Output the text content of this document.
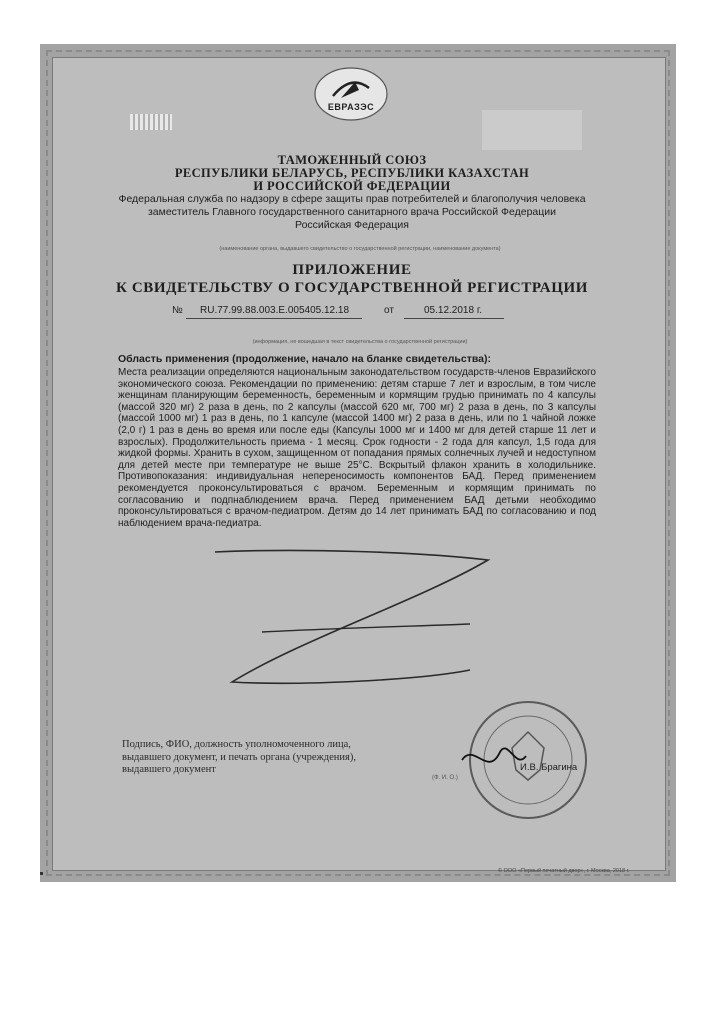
ЕВРАЗЭС
ТАМОЖЕННЫЙ СОЮЗ
РЕСПУБЛИКИ БЕЛАРУСЬ, РЕСПУБЛИКИ КАЗАХСТАН
И РОССИЙСКОЙ ФЕДЕРАЦИИ
Федеральная служба по надзору в сфере защиты прав потребителей и благополучия человека
заместитель Главного государственного санитарного врача Российской Федерации
Российская Федерация
(наименование органа, выдавшего свидетельство о государственной регистрации, наименование документа)
ПРИЛОЖЕНИЕ
К СВИДЕТЕЛЬСТВУ О ГОСУДАРСТВЕННОЙ РЕГИСТРАЦИИ
№ RU.77.99.88.003.Е.005405.12.18	от	05.12.2018 г.
(информация, не вошедшая в текст свидетельства о государственной регистрации)
Область применения (продолжение, начало на бланке свидетельства):
Места реализации определяются национальным законодательством государств-членов Евразийского экономического союза. Рекомендации по применению: детям старше 7 лет и взрослым, в том числе женщинам планирующим беременность, беременным и кормящим грудью принимать по 4 капсулы (массой 320 мг) 2 раза в день, по 2 капсулы (массой 620 мг, 700 мг) 2 раза в день, по 3 капсулы (массой 1000 мг) 1 раз в день, по 1 капсуле (массой 1400 мг) 2 раза в день, или по 1 чайной ложке (2,0 г) 1 раз в день во время или после еды (Капсулы 1000 мг и 1400 мг для детей старше 11 лет и взрослых). Продолжительность приема - 1 месяц. Срок годности - 2 года для капсул, 1,5 года для жидкой формы. Хранить в сухом, защищенном от попадания прямых солнечных лучей и недоступном для детей месте при температуре не выше 25°С. Вскрытый флакон хранить в холодильнике. Противопоказания: индивидуальная непереносимость компонентов БАД. Перед применением рекомендуется проконсультироваться с врачом. Беременным и кормящим принимать по согласованию и подпнаблюдением врача. Перед применением БАД детьми необходимо проконсультироваться с врачом-педиатром. Детям до 14 лет принимать БАД по согласованию и под наблюдением врача-педиатра.
Подпись, ФИО, должность уполномоченного лица, выдавшего документ, и печать органа (учреждения), выдавшего документ	И.В. Брагина
(Ф. И. О.)
© ООО «Первый печатный двор», г. Москва, 2018 г.
